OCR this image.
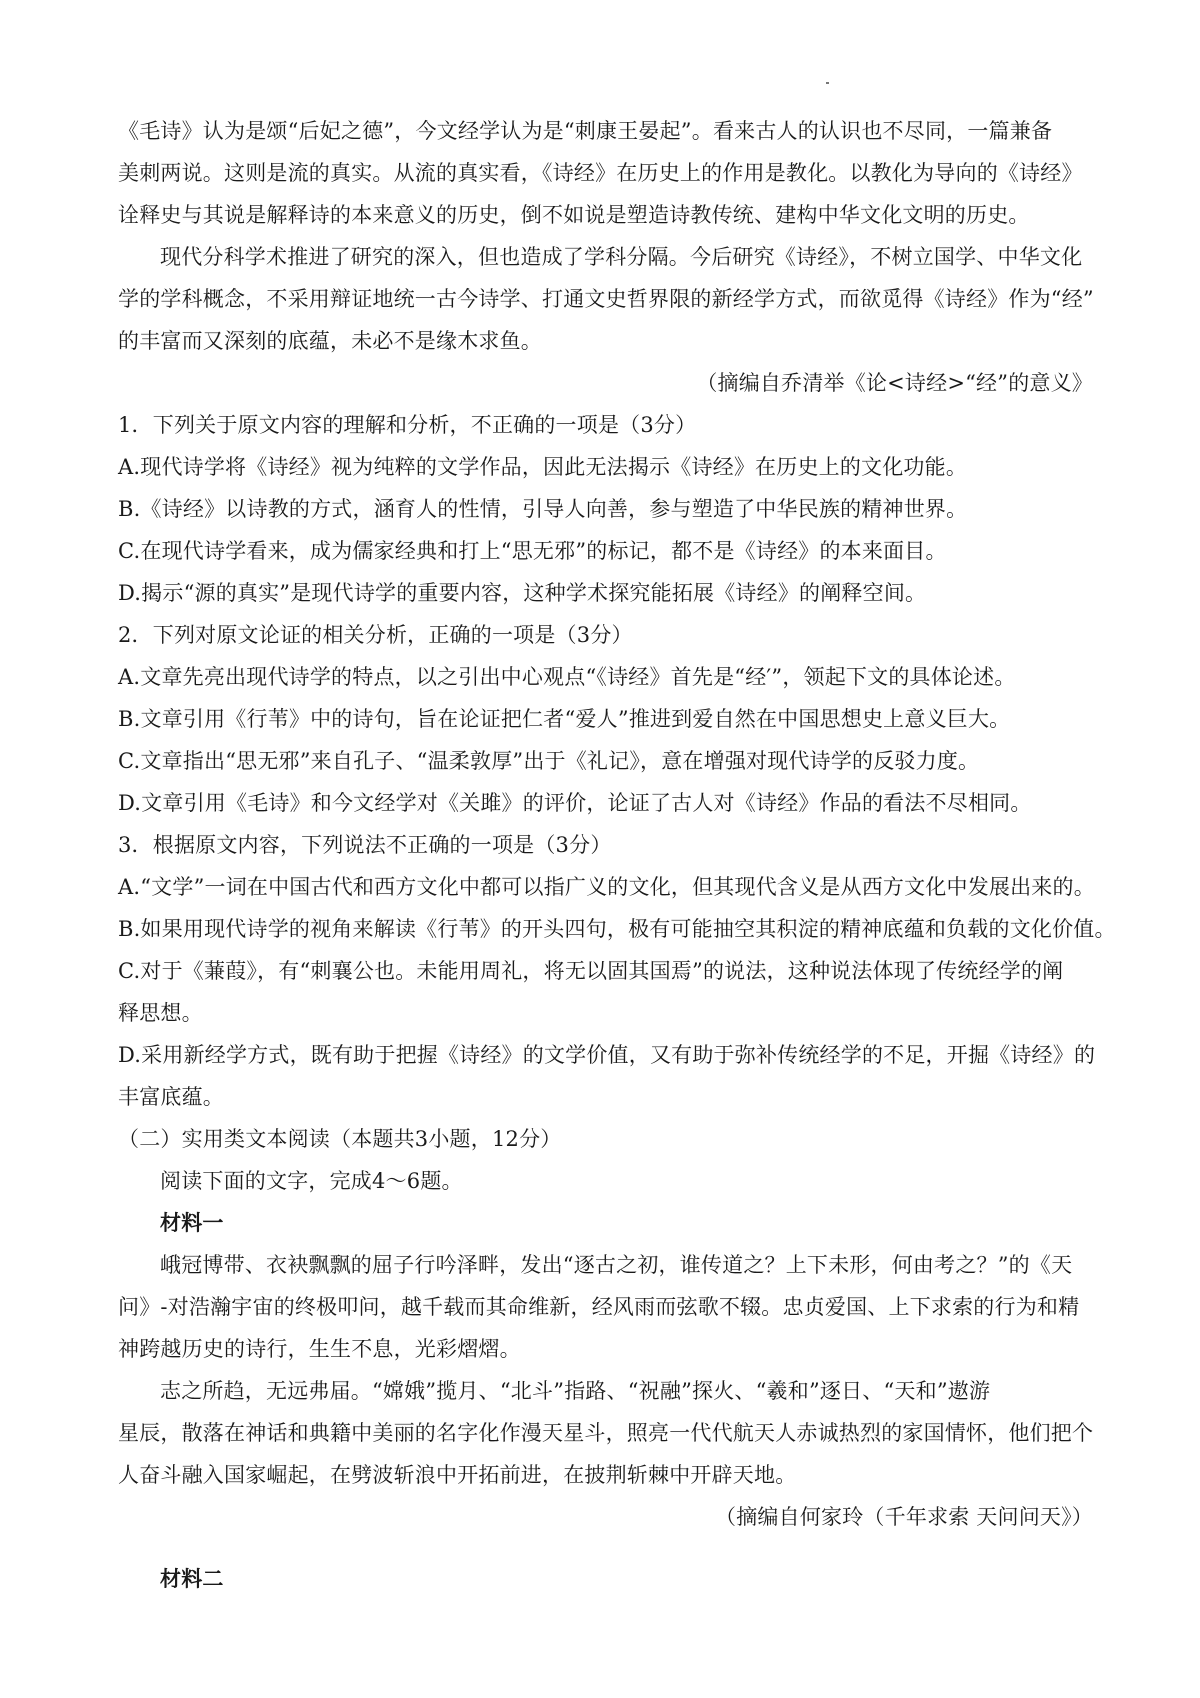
《毛诗》认为是颂“后妃之德”，今文经学认为是“刺康王晏起”。看来古人的认识也不尽同，一篇兼备
美刺两说。这则是流的真实。从流的真实看，《诗经》在历史上的作用是教化。以教化为导向的《诗经》
诠释史与其说是解释诗的本来意义的历史，倒不如说是塑造诗教传统、建构中华文化文明的历史。
现代分科学术推进了研究的深入，但也造成了学科分隔。今后研究《诗经》，不树立国学、中华文化
学的学科概念，不采用辩证地统一古今诗学、打通文史哲界限的新经学方式，而欲觅得《诗经》作为“经”
的丰富而又深刻的底蕴，未必不是缘木求鱼。
（摘编自乔清举《论<诗经>“经”的意义》
1．下列关于原文内容的理解和分析，不正确的一项是（3分）
A.现代诗学将《诗经》视为纯粹的文学作品，因此无法揭示《诗经》在历史上的文化功能。
B.《诗经》以诗教的方式，涵育人的性情，引导人向善，参与塑造了中华民族的精神世界。
C.在现代诗学看来，成为儒家经典和打上“思无邪”的标记，都不是《诗经》的本来面目。
D.揭示“源的真实”是现代诗学的重要内容，这种学术探究能拓展《诗经》的阐释空间。
2．下列对原文论证的相关分析，正确的一项是（3分）
A.文章先亮出现代诗学的特点，以之引出中心观点“《诗经》首先是“经′”，领起下文的具体论述。
B.文章引用《行苇》中的诗句，旨在论证把仁者“爱人”推进到爱自然在中国思想史上意义巨大。
C.文章指出“思无邪”来自孔子、“温柔敦厚”出于《礼记》，意在增强对现代诗学的反驳力度。
D.文章引用《毛诗》和今文经学对《关雎》的评价，论证了古人对《诗经》作品的看法不尽相同。
3．根据原文内容，下列说法不正确的一项是（3分）
A.“文学”一词在中国古代和西方文化中都可以指广义的文化，但其现代含义是从西方文化中发展出来的。
B.如果用现代诗学的视角来解读《行苇》的开头四句，极有可能抽空其积淀的精神底蕴和负载的文化价值。
C.对于《蒹葭》，有“刺襄公也。未能用周礼，将无以固其国焉”的说法，这种说法体现了传统经学的阐
释思想。
D.采用新经学方式，既有助于把握《诗经》的文学价值，又有助于弥补传统经学的不足，开掘《诗经》的
丰富底蕴。
（二）实用类文本阅读（本题共3小题，12分）
阅读下面的文字，完成4～6题。
材料一
峨冠博带、衣袂飘飘的屈子行吟泽畔，发出“逐古之初，谁传道之？上下未形，何由考之？”的《天
问》-对浩瀚宇宙的终极叩问，越千载而其命维新，经风雨而弦歌不辍。忠贞爱国、上下求索的行为和精
神跨越历史的诗行，生生不息，光彩熠熠。
志之所趋，无远弗届。“嫦娥”揽月、“北斗”指路、“祝融”探火、“羲和”逐日、“天和”遨游
星辰，散落在神话和典籍中美丽的名字化作漫天星斗，照亮一代代航天人赤诚热烈的家国情怀，他们把个
人奋斗融入国家崛起，在劈波斩浪中开拓前进，在披荆斩棘中开辟天地。
（摘编自何家玲（千年求索 天问问天》）
材料二
